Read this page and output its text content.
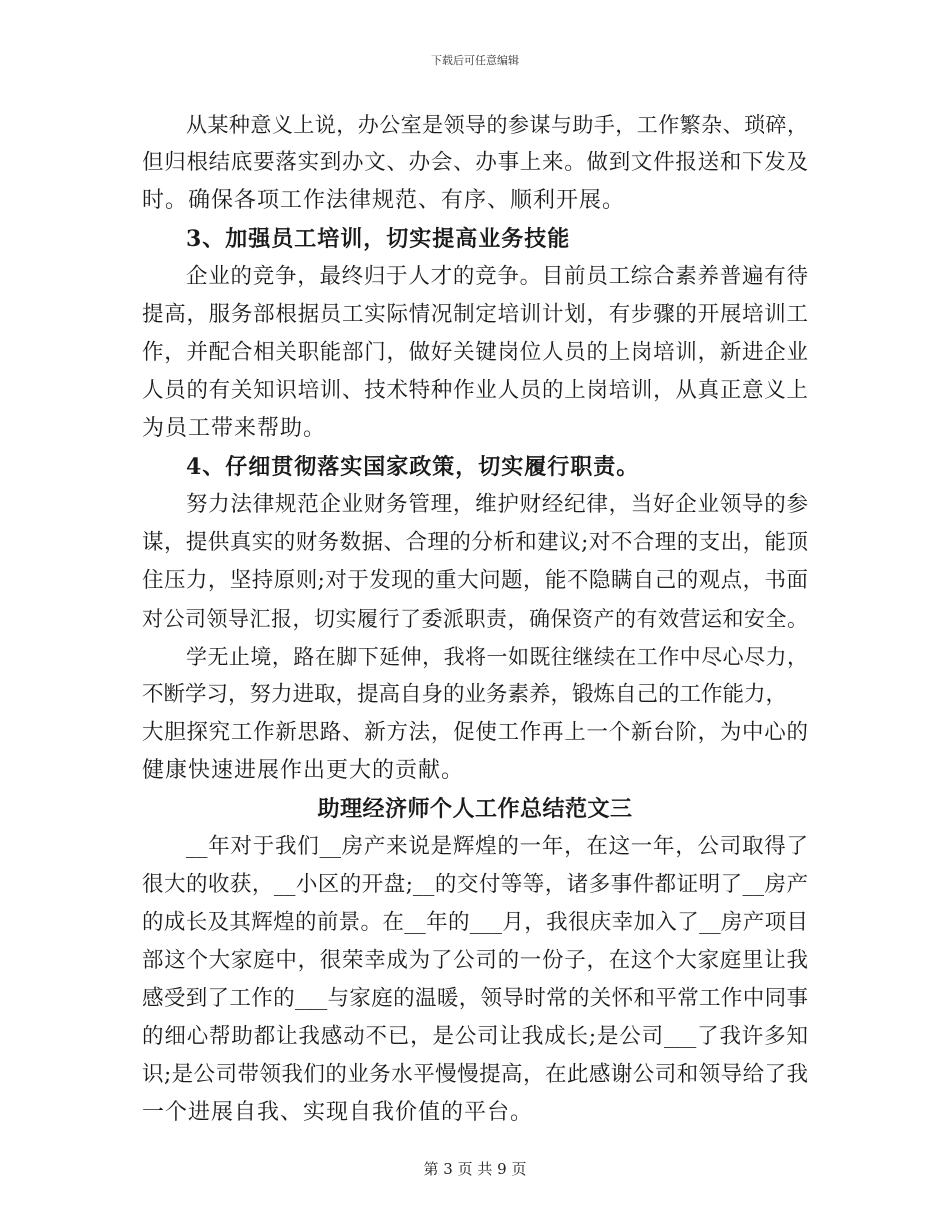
下载后可任意编辑
从某种意义上说，办公室是领导的参谋与助手，工作繁杂、琐碎，
但归根结底要落实到办文、办会、办事上来。做到文件报送和下发及
时。确保各项工作法律规范、有序、顺利开展。
3、加强员工培训，切实提高业务技能
企业的竞争，最终归于人才的竞争。目前员工综合素养普遍有待
提高，服务部根据员工实际情况制定培训计划，有步骤的开展培训工
作，并配合相关职能部门，做好关键岗位人员的上岗培训，新进企业
人员的有关知识培训、技术特种作业人员的上岗培训，从真正意义上
为员工带来帮助。
4、仔细贯彻落实国家政策，切实履行职责。
努力法律规范企业财务管理，维护财经纪律，当好企业领导的参
谋，提供真实的财务数据、合理的分析和建议;对不合理的支出，能顶
住压力，坚持原则;对于发现的重大问题，能不隐瞒自己的观点，书面
对公司领导汇报，切实履行了委派职责，确保资产的有效营运和安全。
学无止境，路在脚下延伸，我将一如既往继续在工作中尽心尽力，
不断学习，努力进取，提高自身的业务素养，锻炼自己的工作能力，
大胆探究工作新思路、新方法，促使工作再上一个新台阶，为中心的
健康快速进展作出更大的贡献。
助理经济师个人工作总结范文三
__年对于我们__房产来说是辉煌的一年，在这一年，公司取得了
很大的收获，__小区的开盘;__的交付等等，诸多事件都证明了__房产
的成长及其辉煌的前景。在__年的___月，我很庆幸加入了__房产项目
部这个大家庭中，很荣幸成为了公司的一份子，在这个大家庭里让我
感受到了工作的___与家庭的温暖，领导时常的关怀和平常工作中同事
的细心帮助都让我感动不已，是公司让我成长;是公司___了我许多知
识;是公司带领我们的业务水平慢慢提高，在此感谢公司和领导给了我
一个进展自我、实现自我价值的平台。
第 3 页 共 9 页
